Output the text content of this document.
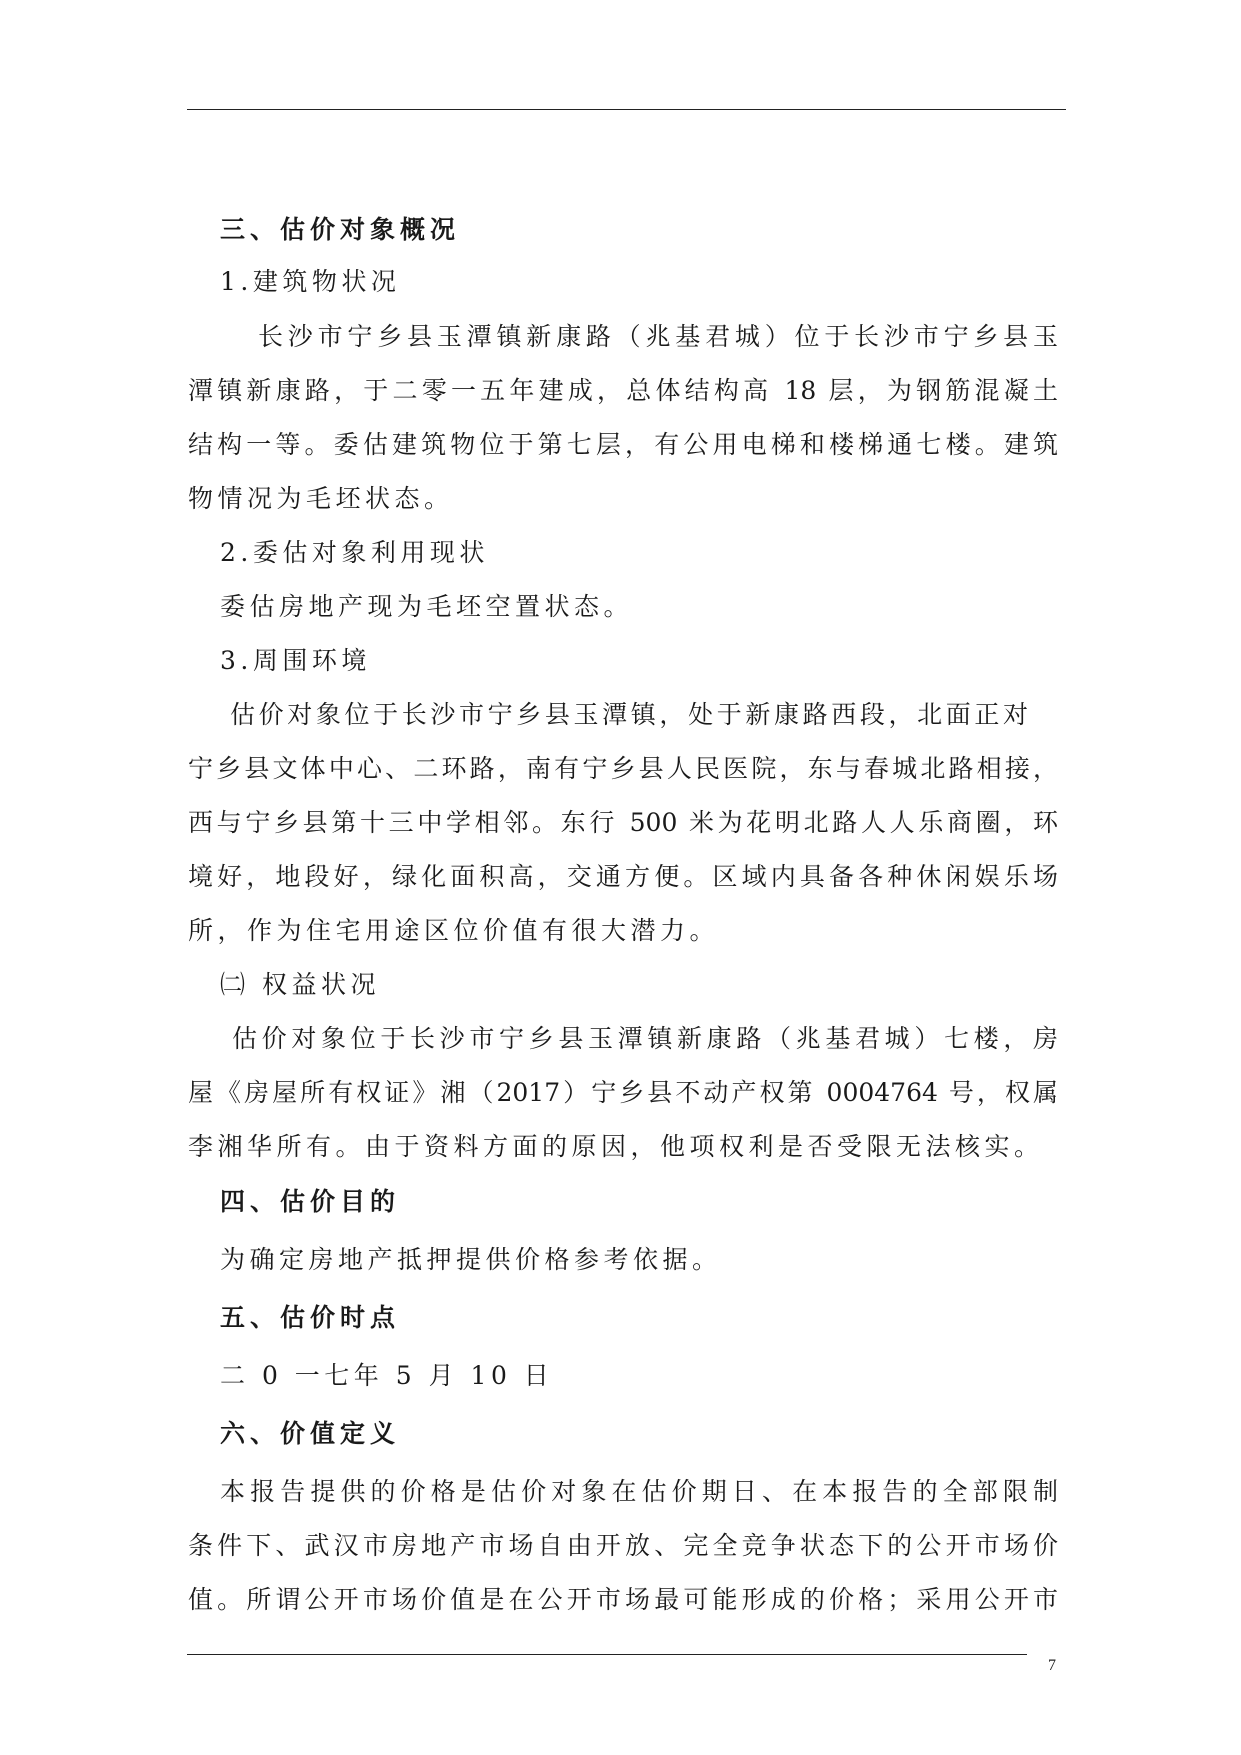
三、估价对象概况
1.建筑物状况
长沙市宁乡县玉潭镇新康路（兆基君城）位于长沙市宁乡县玉
潭镇新康路，于二零一五年建成，总体结构高 18 层，为钢筋混凝土
结构一等。委估建筑物位于第七层，有公用电梯和楼梯通七楼。建筑
物情况为毛坯状态。
2.委估对象利用现状
委估房地产现为毛坯空置状态。
3.周围环境
估价对象位于长沙市宁乡县玉潭镇，处于新康路西段，北面正对
宁乡县文体中心、二环路，南有宁乡县人民医院，东与春城北路相接，
西与宁乡县第十三中学相邻。东行 500 米为花明北路人人乐商圈，环
境好，地段好，绿化面积高，交通方便。区域内具备各种休闲娱乐场
所，作为住宅用途区位价值有很大潜力。
㈡ 权益状况
估价对象位于长沙市宁乡县玉潭镇新康路（兆基君城）七楼，房
屋《房屋所有权证》湘（2017）宁乡县不动产权第 0004764 号，权属
李湘华所有。由于资料方面的原因，他项权利是否受限无法核实。
四、估价目的
为确定房地产抵押提供价格参考依据。
五、估价时点
二 0 一七年 5 月 10 日
六、价值定义
本报告提供的价格是估价对象在估价期日、在本报告的全部限制
条件下、武汉市房地产市场自由开放、完全竞争状态下的公开市场价
值。所谓公开市场价值是在公开市场最可能形成的价格；采用公开市
7
